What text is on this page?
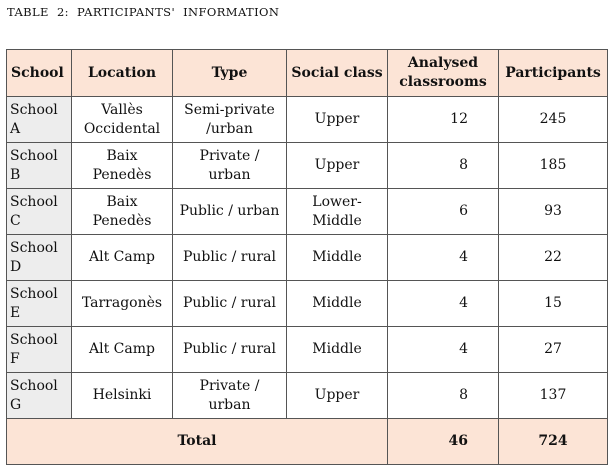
TABLE  2:  PARTICIPANTS'  INFORMATION
School	Location	Type	Social class	Analysed classrooms	Participants
School A	Vallès Occidental	Semi-private /urban	Upper	12	245
School B	Baix Penedès	Private / urban	Upper	8	185
School C	Baix Penedès	Public / urban	Lower-Middle	6	93
School D	Alt Camp	Public / rural	Middle	4	22
School E	Tarragonès	Public / rural	Middle	4	15
School F	Alt Camp	Public / rural	Middle	4	27
School G	Helsinki	Private / urban	Upper	8	137
Total				46	724
